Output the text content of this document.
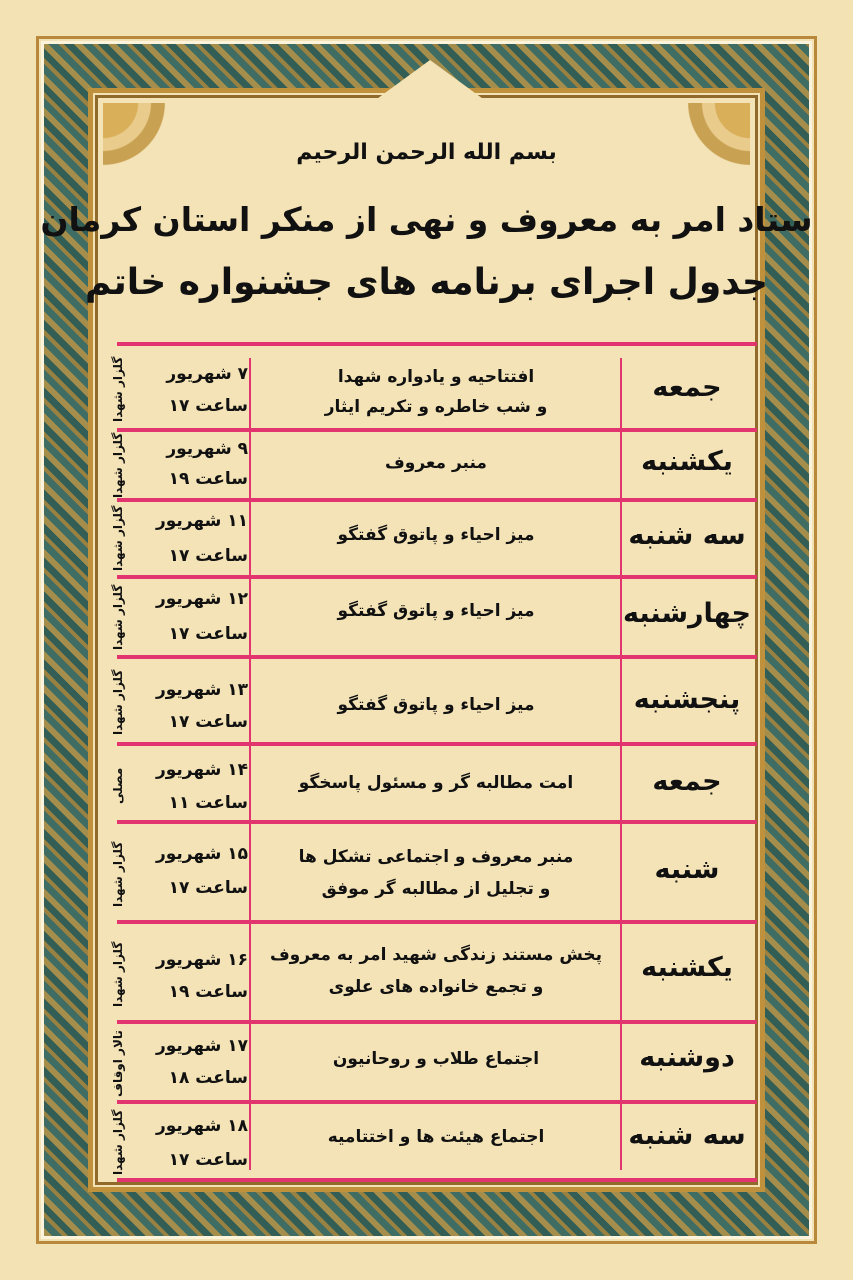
بسم الله الرحمن الرحیم
ستاد امر به معروف و نهی از منکر استان کرمان
جدول اجرای برنامه های جشنواره خاتم
جمعه
افتتاحیه و یادواره شهدا
و شب خاطره و تکریم ایثار
۷ شهریور
ساعت ۱۷
گلزار شهدا
یکشنبه
منبر معروف
۹ شهریور
ساعت ۱۹
گلزار شهدا
سه شنبه
میز احیاء و پاتوق گفتگو
۱۱ شهریور
ساعت ۱۷
گلزار شهدا
چهارشنبه
میز احیاء و پاتوق گفتگو
۱۲ شهریور
ساعت ۱۷
گلزار شهدا
پنجشنبه
میز احیاء و پاتوق گفتگو
۱۳ شهریور
ساعت ۱۷
گلزار شهدا
جمعه
امت مطالبه گر و مسئول پاسخگو
۱۴ شهریور
ساعت ۱۱
مصلی
شنبه
منبر معروف و اجتماعی تشکل ها
و تجلیل از مطالبه گر موفق
۱۵ شهریور
ساعت ۱۷
گلزار شهدا
یکشنبه
پخش مستند زندگی شهید امر به معروف
و تجمع خانواده های علوی
۱۶ شهریور
ساعت ۱۹
گلزار شهدا
دوشنبه
اجتماع طلاب و روحانیون
۱۷ شهریور
ساعت ۱۸
تالار اوقاف
سه شنبه
اجتماع هیئت ها و اختتامیه
۱۸ شهریور
ساعت ۱۷
گلزار شهدا
